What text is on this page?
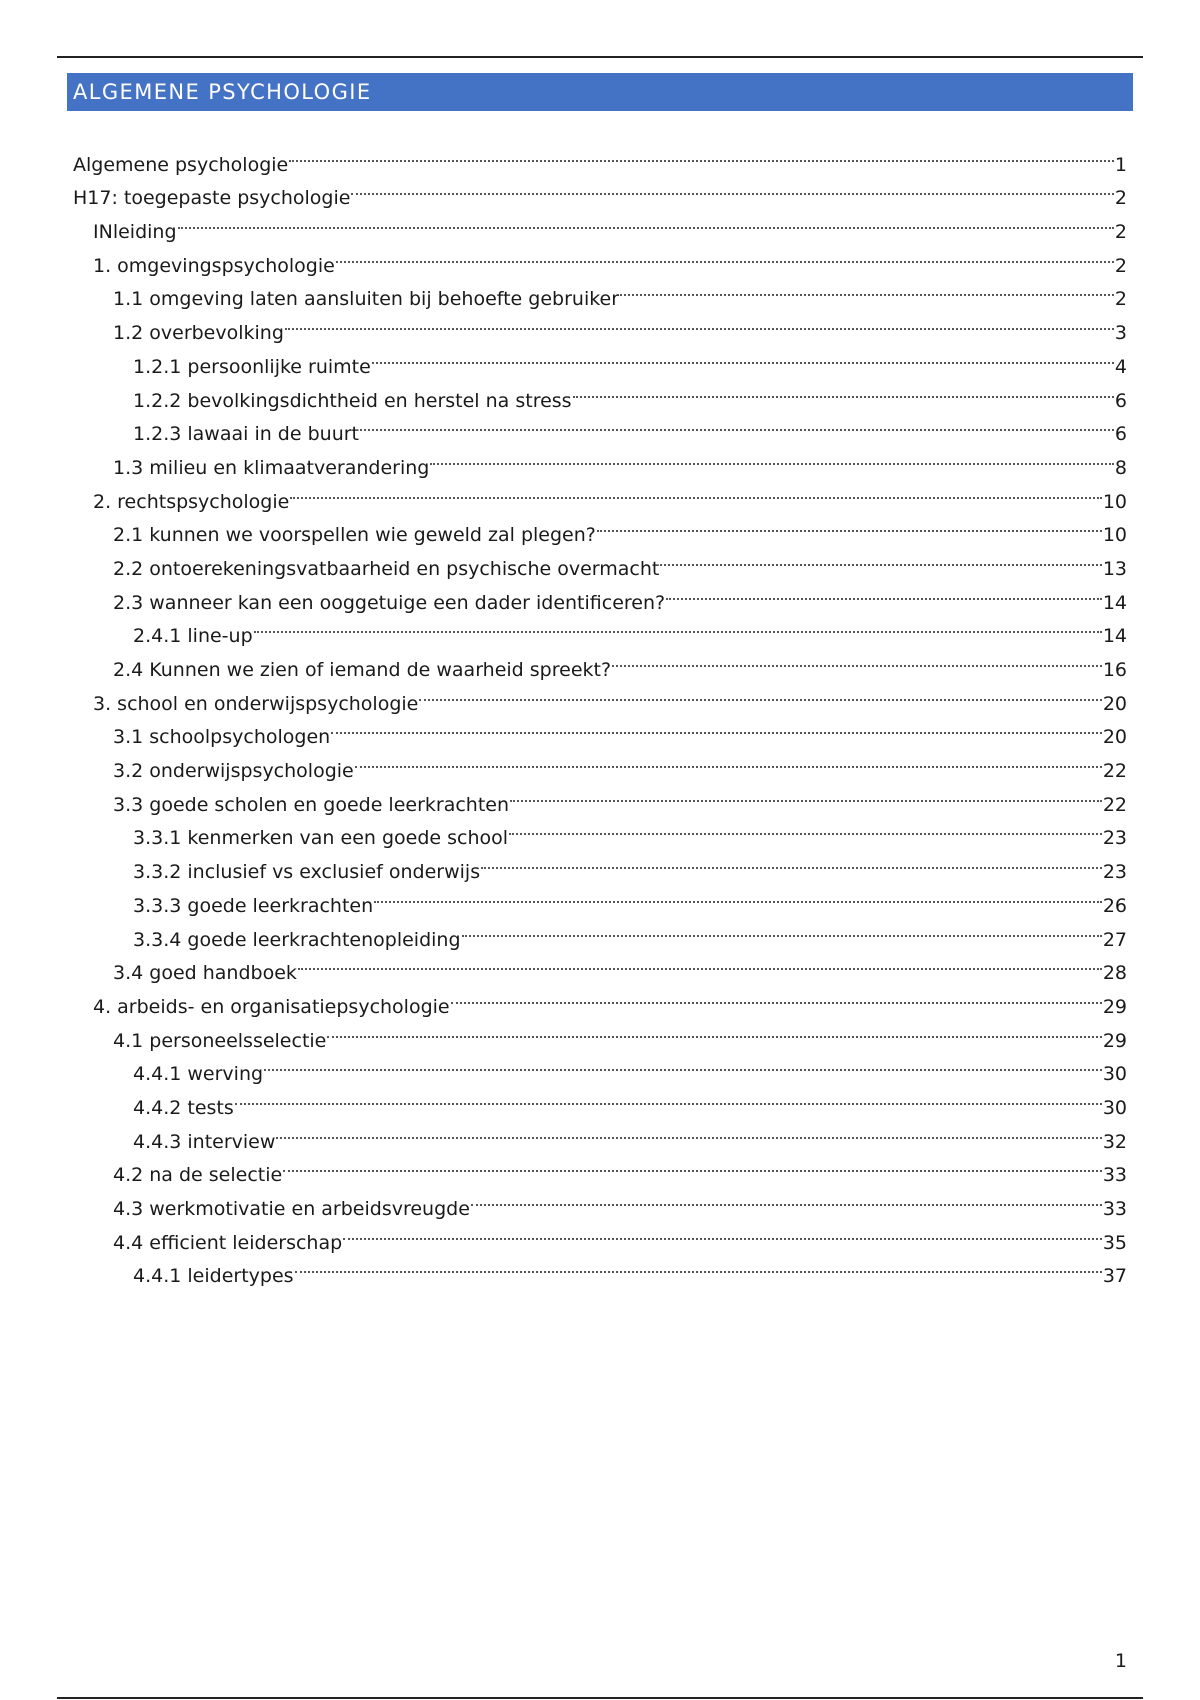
ALGEMENE PSYCHOLOGIE
Algemene psychologie	1
H17: toegepaste psychologie	2
INleiding	2
1. omgevingspsychologie	2
1.1 omgeving laten aansluiten bij behoefte gebruiker	2
1.2 overbevolking	3
1.2.1 persoonlijke ruimte	4
1.2.2 bevolkingsdichtheid en herstel na stress	6
1.2.3 lawaai in de buurt	6
1.3 milieu en klimaatverandering	8
2. rechtspsychologie	10
2.1 kunnen we voorspellen wie geweld zal plegen?	10
2.2 ontoerekeningsvatbaarheid en psychische overmacht	13
2.3 wanneer kan een ooggetuige een dader identificeren?	14
2.4.1 line-up	14
2.4 Kunnen we zien of iemand de waarheid spreekt?	16
3. school en onderwijspsychologie	20
3.1 schoolpsychologen	20
3.2 onderwijspsychologie	22
3.3 goede scholen en goede leerkrachten	22
3.3.1 kenmerken van een goede school	23
3.3.2 inclusief vs exclusief onderwijs	23
3.3.3 goede leerkrachten	26
3.3.4 goede leerkrachtenopleiding	27
3.4 goed handboek	28
4. arbeids- en organisatiepsychologie	29
4.1 personeelsselectie	29
4.4.1 werving	30
4.4.2 tests	30
4.4.3 interview	32
4.2 na de selectie	33
4.3 werkmotivatie en arbeidsvreugde	33
4.4 efficient leiderschap	35
4.4.1 leidertypes	37
1
